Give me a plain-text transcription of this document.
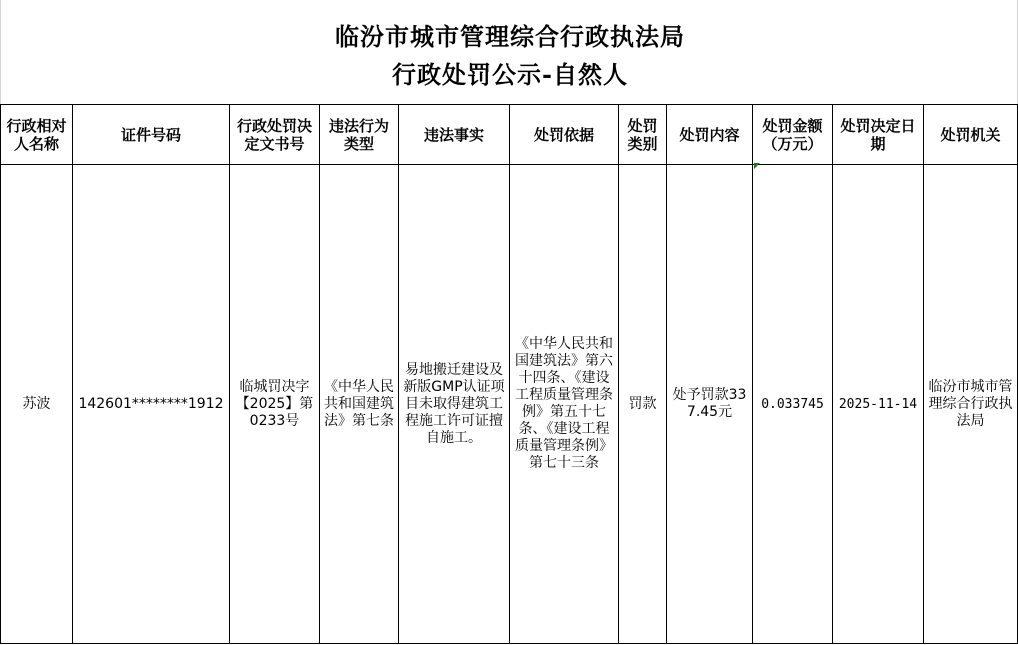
临汾市城市管理综合行政执法局
行政处罚公示-自然人
行政相对人名称	证件号码	行政处罚决定文书号	违法行为类型	违法事实	处罚依据	处罚类别	处罚内容	处罚金额（万元）	处罚决定日期	处罚机关
苏波	142601********1912	临城罚决字【2025】第0233号	《中华人民共和国建筑法》第七条	易地搬迁建设及新版GMP认证项目未取得建筑工程施工许可证擅自施工。	《中华人民共和国建筑法》第六十四条、《建设工程质量管理条例》第五十七条、《建设工程质量管理条例》第七十三条	罚款	处予罚款337.45元	0.033745	2025-11-14	临汾市城市管理综合行政执法局
